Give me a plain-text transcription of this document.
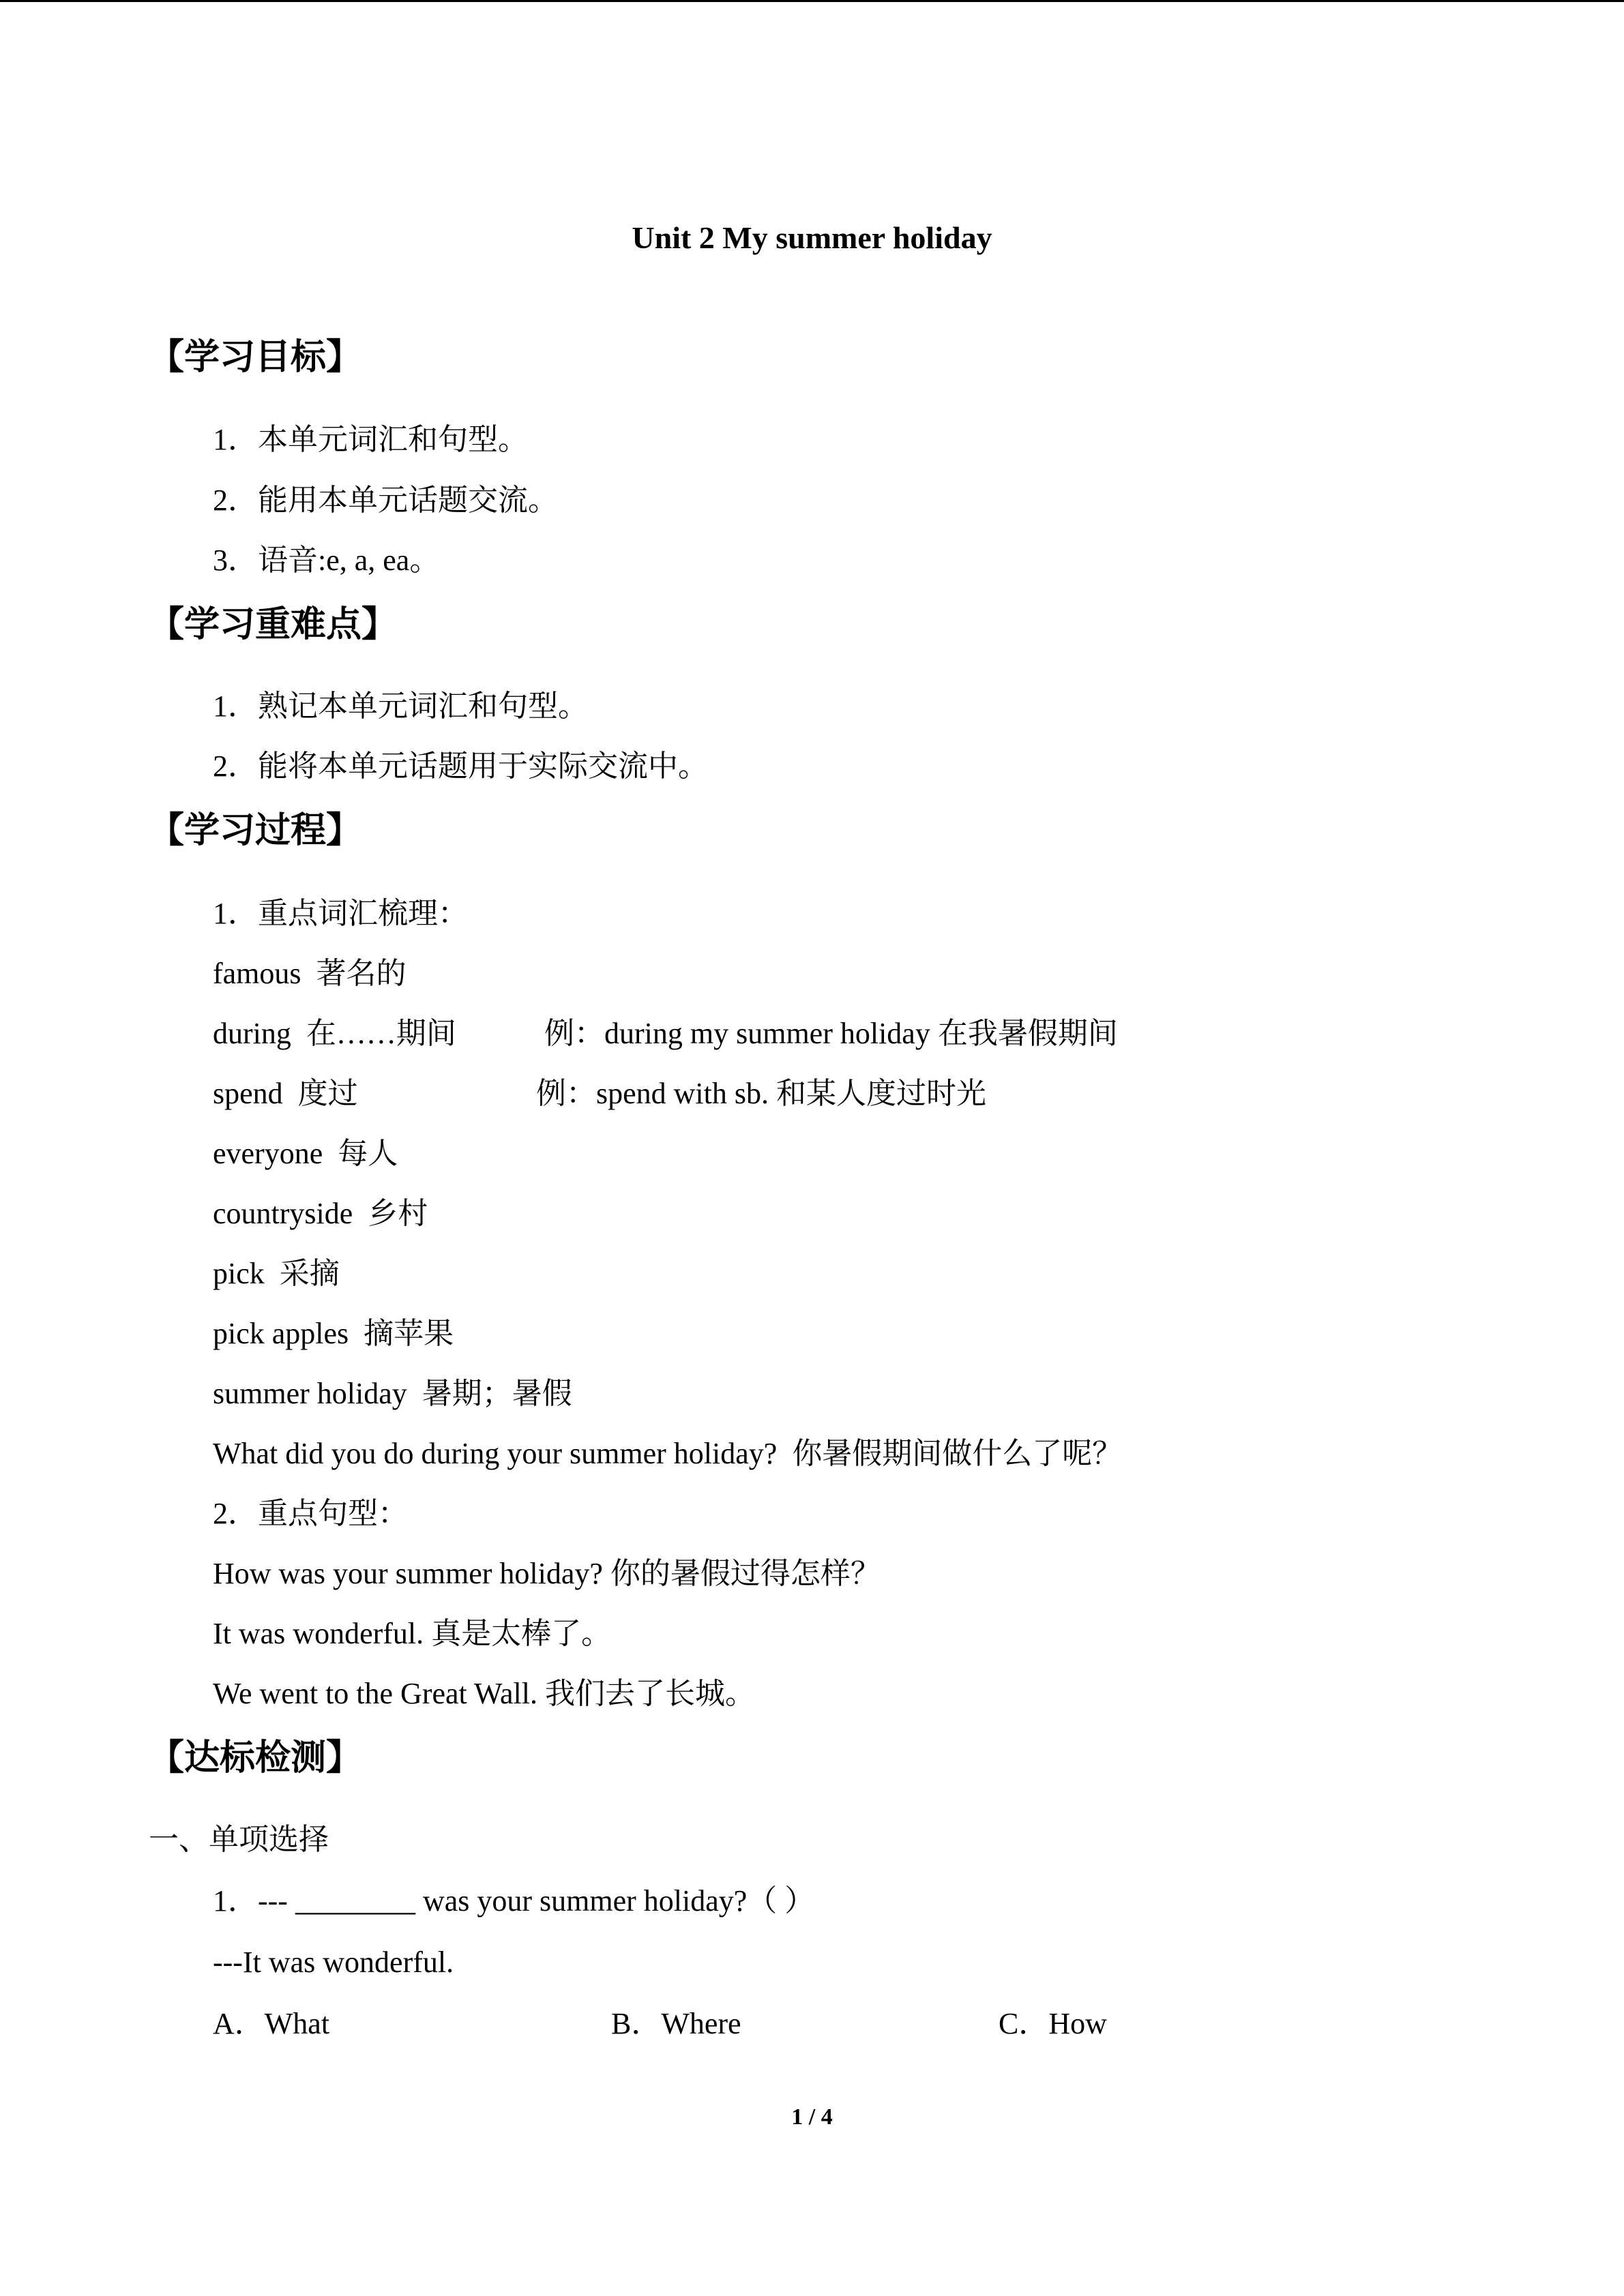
Unit 2 My summer holiday
【学习目标】
1．本单元词汇和句型。
2．能用本单元话题交流。
3．语音:e, a, ea。
【学习重难点】
1．熟记本单元词汇和句型。
2．能将本单元话题用于实际交流中。
【学习过程】
1．重点词汇梳理：
famous 著名的
during 在……期间	例：during my summer holiday 在我暑假期间
spend 度过	例：spend with sb. 和某人度过时光
everyone 每人
countryside 乡村
pick 采摘
pick apples 摘苹果
summer holiday 暑期；暑假
What did you do during your summer holiday? 你暑假期间做什么了呢？
2．重点句型：
How was your summer holiday? 你的暑假过得怎样？
It was wonderful. 真是太棒了。
We went to the Great Wall. 我们去了长城。
【达标检测】
一、单项选择
1．--- ________ was your summer holiday?（ ）
---It was wonderful.
A．What	B．Where	C．How
1 / 4
